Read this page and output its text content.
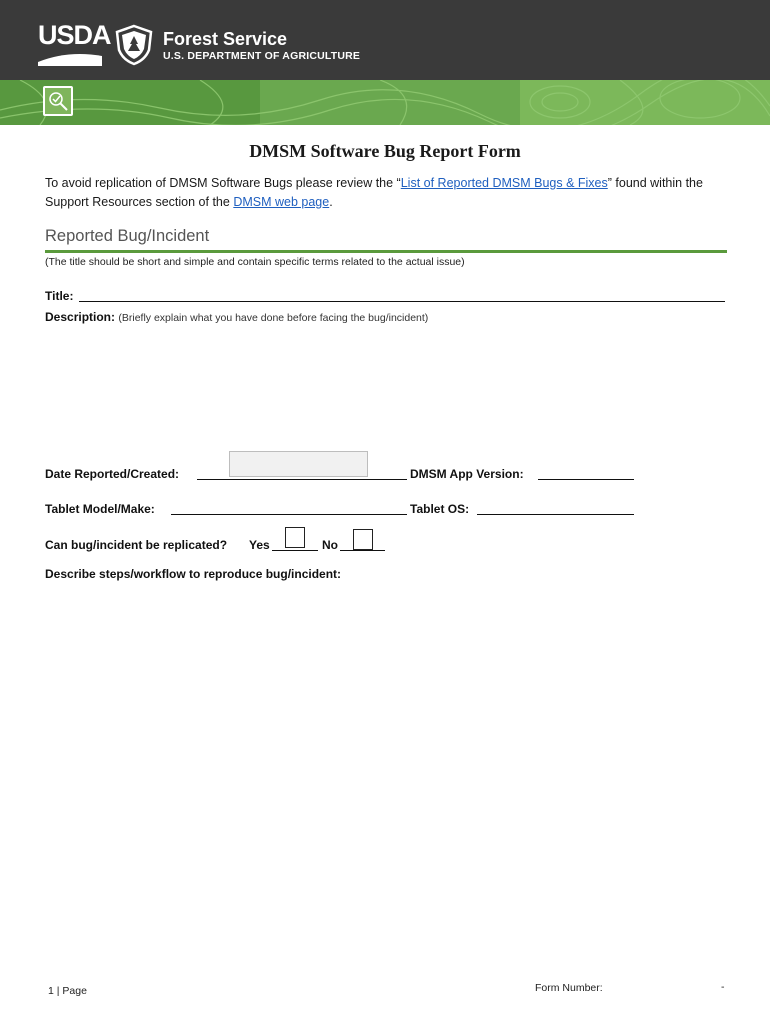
USDA	Forest Service
U.S. DEPARTMENT OF AGRICULTURE
DMSM Software Bug Report Form
To avoid replication of DMSM Software Bugs please review the “List of Reported DMSM Bugs & Fixes” found within the Support Resources section of the DMSM web page.
Reported Bug/Incident
(The title should be short and simple and contain specific terms related to the actual issue)
Title:
Description: (Briefly explain what you have done before facing the bug/incident)
Date Reported/Created:	DMSM App Version:
Tablet Model/Make:	Tablet OS:
Can bug/incident be replicated? Yes	No
Describe steps/workflow to reproduce bug/incident:
1 | Page	Form Number:	-
